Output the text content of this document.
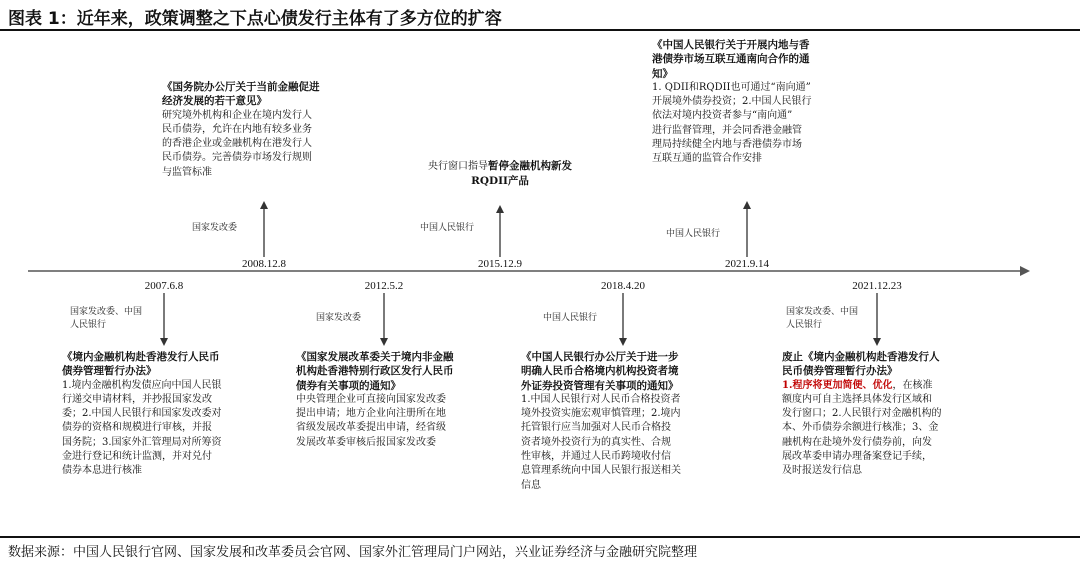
图表 1：近年来，政策调整之下点心债发行主体有了多方位的扩容
数据来源：中国人民银行官网、国家发展和改革委员会官网、国家外汇管理局门户网站，兴业证券经济与金融研究院整理
2007.6.8
2008.12.8
2012.5.2
2015.12.9
2018.4.20
2021.9.14
2021.12.23
国家发改委、中国
人民银行
国家发改委
国家发改委
中国人民银行
中国人民银行
中国人民银行
国家发改委、中国
人民银行
《境内金融机构赴香港发行人民币
债券管理暂行办法》
1.境内金融机构发债应向中国人民银
行递交申请材料，并抄报国家发改
委；2.中国人民银行和国家发改委对
债券的资格和规模进行审核，并报
国务院；3.国家外汇管理局对所筹资
金进行登记和统计监测，并对兑付
债券本息进行核准
《国务院办公厅关于当前金融促进
经济发展的若干意见》
研究境外机构和企业在境内发行人
民币债券，允许在内地有较多业务
的香港企业或金融机构在港发行人
民币债券。完善债券市场发行规则
与监管标准
《国家发展改革委关于境内非金融
机构赴香港特别行政区发行人民币
债券有关事项的通知》
中央管理企业可直接向国家发改委
提出申请；地方企业向注册所在地
省级发展改革委提出申请，经省级
发展改革委审核后报国家发改委
央行窗口指导暂停金融机构新发
RQDII产品
《中国人民银行办公厅关于进一步
明确人民币合格境内机构投资者境
外证券投资管理有关事项的通知》
1.中国人民银行对人民币合格投资者
境外投资实施宏观审慎管理；2.境内
托管银行应当加强对人民币合格投
资者境外投资行为的真实性、合规
性审核，并通过人民币跨境收付信
息管理系统向中国人民银行报送相关
信息
《中国人民银行关于开展内地与香
港债券市场互联互通南向合作的通
知》
1. QDII和RQDII也可通过“南向通”
开展境外债券投资；2.中国人民银行
依法对境内投资者参与“南向通”
进行监督管理，并会同香港金融管
理局持续健全内地与香港债券市场
互联互通的监管合作安排
废止《境内金融机构赴香港发行人
民币债券管理暂行办法》
1.程序将更加简便、优化，在核准
额度内可自主选择具体发行区域和
发行窗口；2.人民银行对金融机构的
本、外币债券余额进行核准；3、金
融机构在赴境外发行债券前，向发
展改革委申请办理备案登记手续，
及时报送发行信息
